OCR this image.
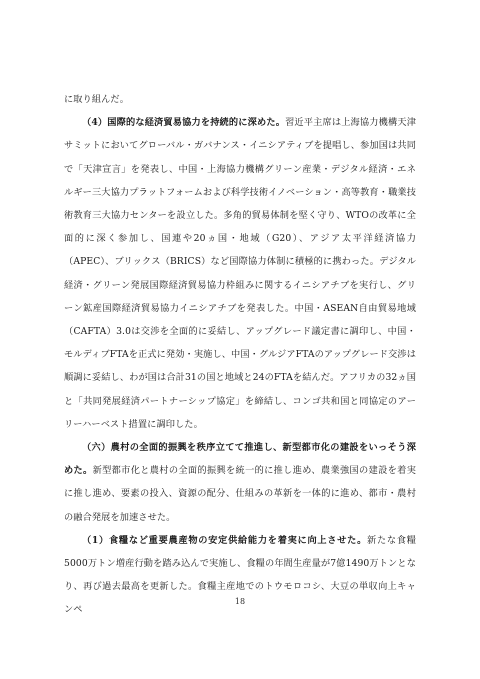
に取り組んだ。

（4）国際的な経済貿易協力を持続的に深めた。習近平主席は上海協力機構天津サミットにおいてグローバル・ガバナンス・イニシアティブを提唱し、参加国は共同で「天津宣言」を発表し、中国・上海協力機構グリーン産業・デジタル経済・エネルギー三大協力プラットフォームおよび科学技術イノベーション・高等教育・職業技術教育三大協力センターを設立した。多角的貿易体制を堅く守り、WTOの改革に全面的に深く参加し、国連や20ヵ国・地域（G20）、アジア太平洋経済協力（APEC）、ブリックス（BRICS）など国際協力体制に積極的に携わった。デジタル経済・グリーン発展国際経済貿易協力枠組みに関するイニシアチブを実行し、グリーン鉱産国際経済貿易協力イニシアチブを発表した。中国・ASEAN自由貿易地域（CAFTA）3.0は交渉を全面的に妥結し、アップグレード議定書に調印し、中国・モルディブFTAを正式に発効・実施し、中国・グルジアFTAのアップグレード交渉は順調に妥結し、わが国は合計31の国と地域と24のFTAを結んだ。アフリカの32ヵ国と「共同発展経済パートナーシップ協定」を締結し、コンゴ共和国と同協定のアーリーハーベスト措置に調印した。

（六）農村の全面的振興を秩序立てて推進し、新型都市化の建設をいっそう深めた。新型都市化と農村の全面的振興を統一的に推し進め、農業強国の建設を着実に推し進め、要素の投入、資源の配分、仕組みの革新を一体的に進め、都市・農村の融合発展を加速させた。

（1）食糧など重要農産物の安定供給能力を着実に向上させた。新たな食糧5000万トン増産行動を踏み込んで実施し、食糧の年間生産量が7億1490万トンとなり、再び過去最高を更新した。食糧主産地でのトウモロコシ、大豆の単収向上キャンペ

18
